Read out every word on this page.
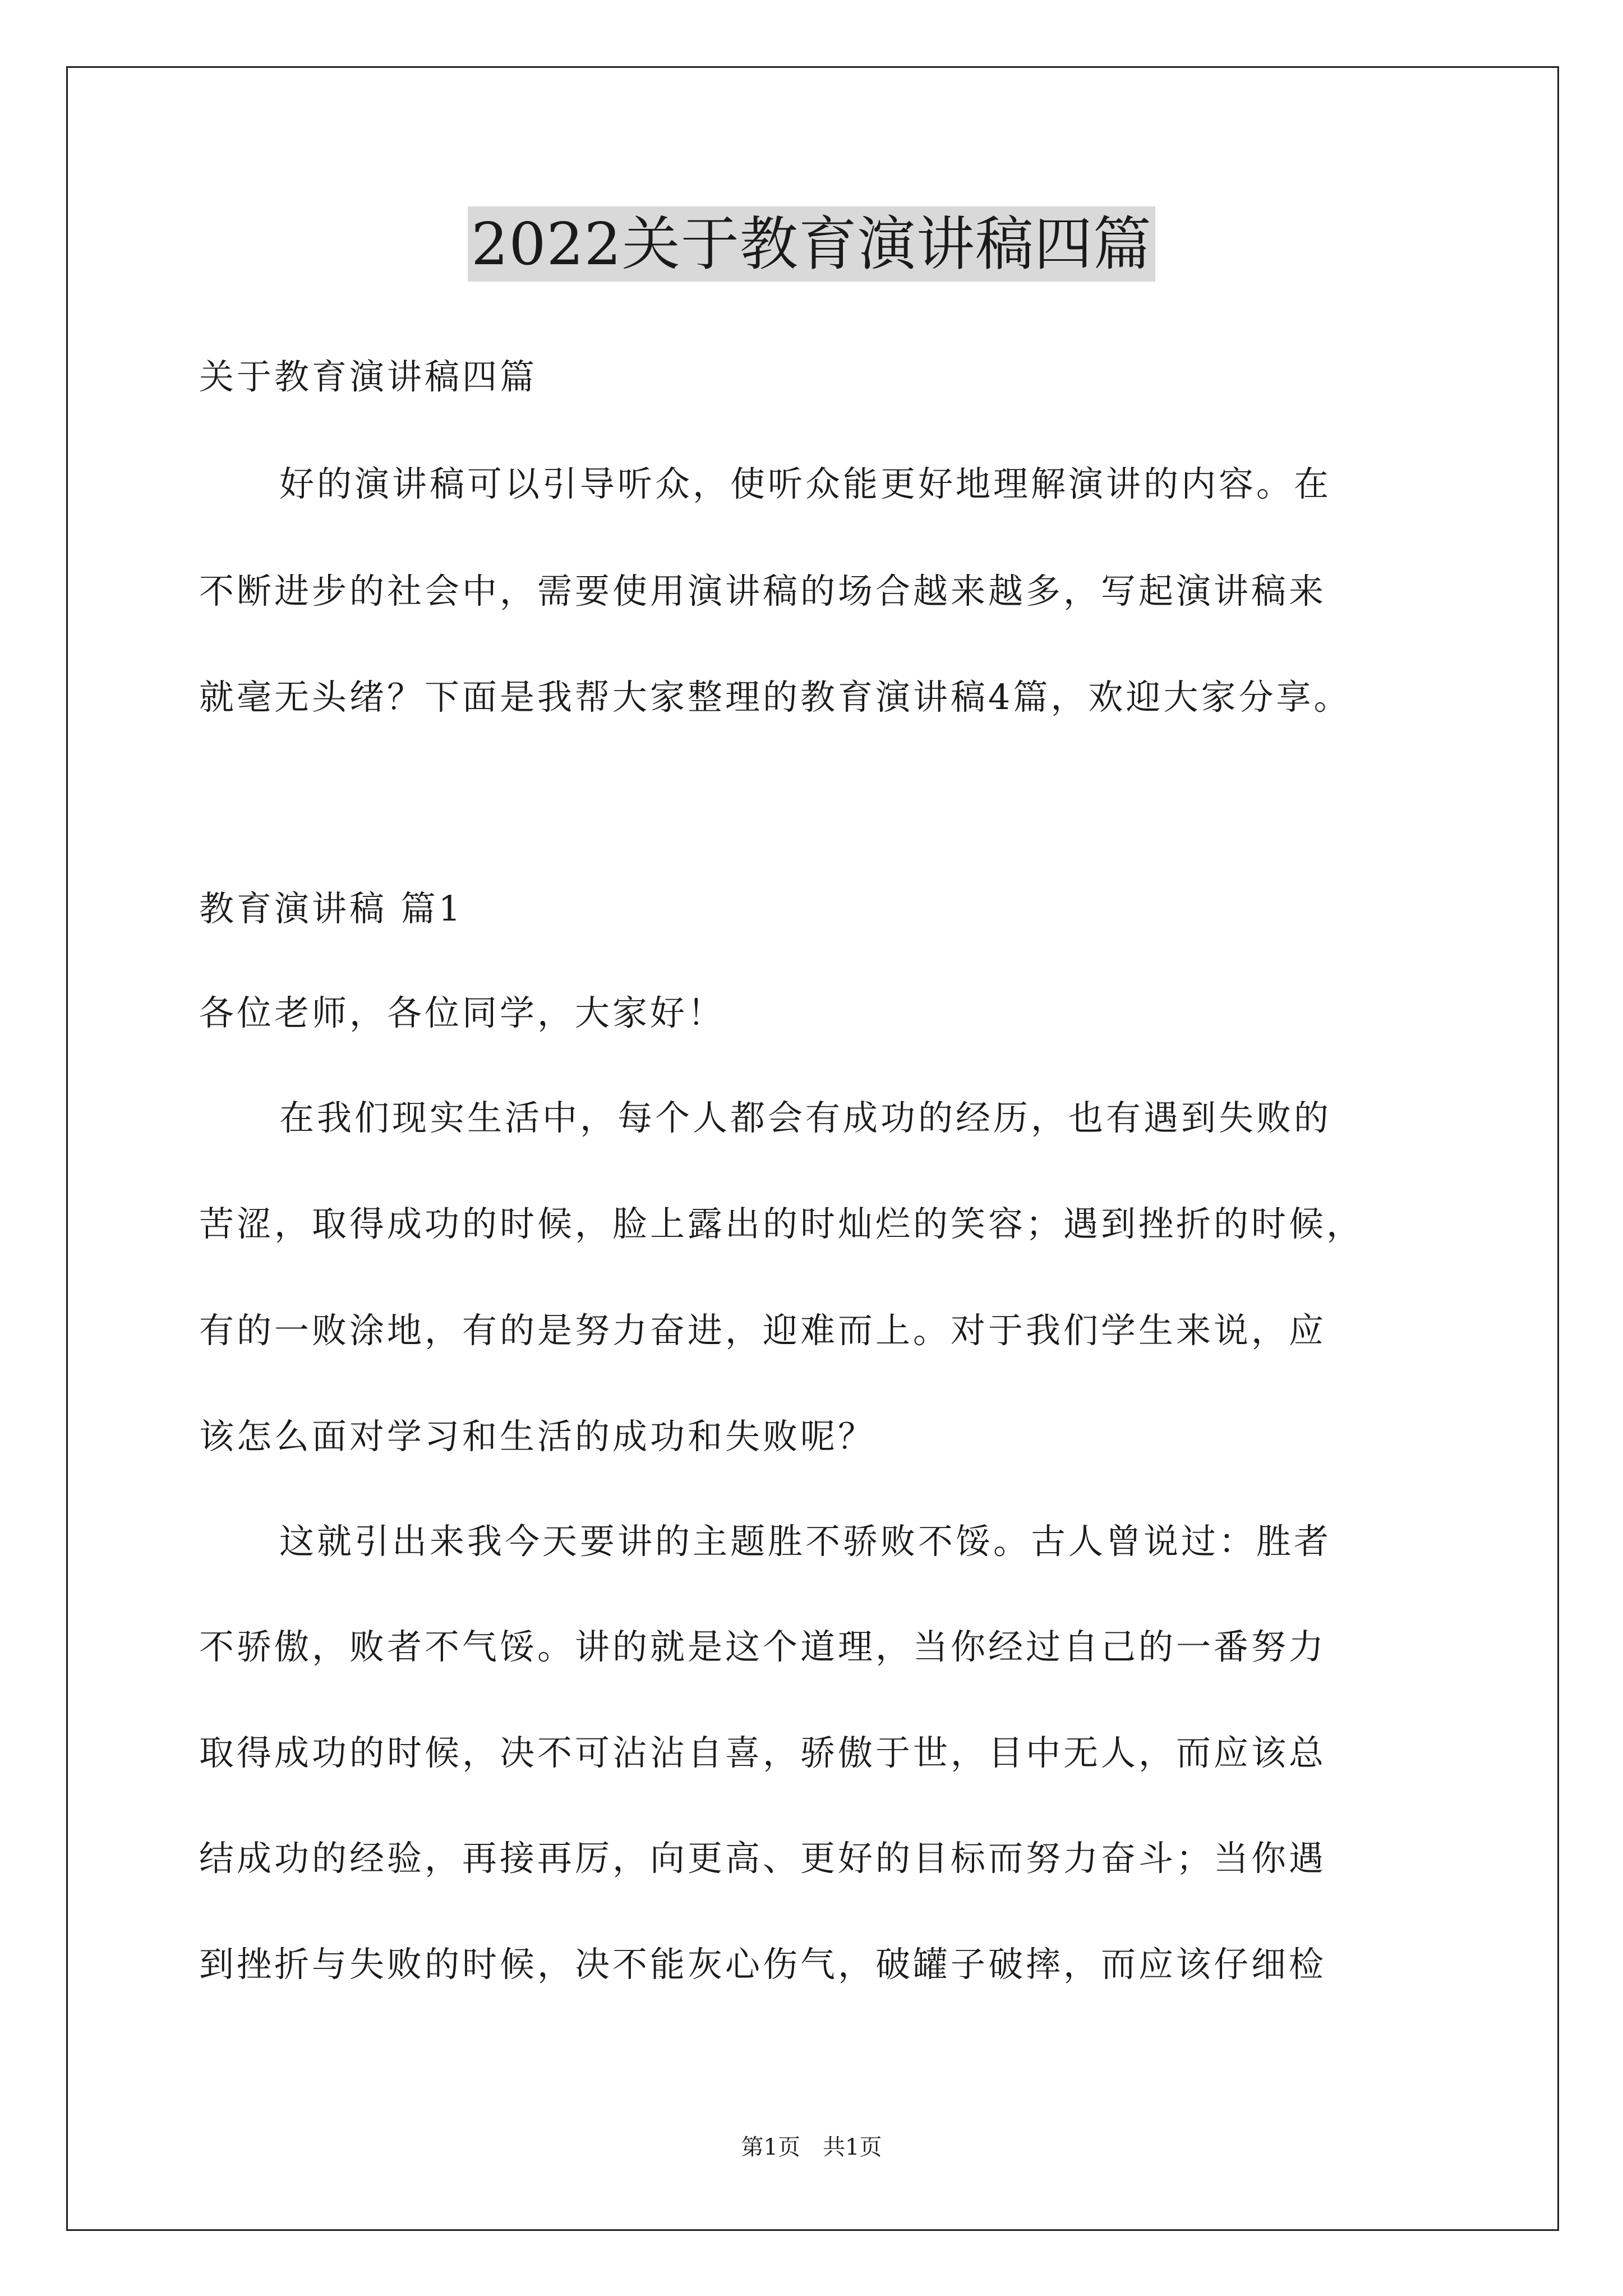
2022关于教育演讲稿四篇
关于教育演讲稿四篇
好的演讲稿可以引导听众，使听众能更好地理解演讲的内容。在
不断进步的社会中，需要使用演讲稿的场合越来越多，写起演讲稿来
就毫无头绪？下面是我帮大家整理的教育演讲稿4篇，欢迎大家分享。
教育演讲稿 篇1
各位老师，各位同学，大家好！
在我们现实生活中，每个人都会有成功的经历，也有遇到失败的
苦涩，取得成功的时候，脸上露出的时灿烂的笑容；遇到挫折的时候，
有的一败涂地，有的是努力奋进，迎难而上。对于我们学生来说，应
该怎么面对学习和生活的成功和失败呢？
这就引出来我今天要讲的主题胜不骄败不馁。古人曾说过：胜者
不骄傲，败者不气馁。讲的就是这个道理，当你经过自己的一番努力
取得成功的时候，决不可沾沾自喜，骄傲于世，目中无人，而应该总
结成功的经验，再接再厉，向更高、更好的目标而努力奋斗；当你遇
到挫折与失败的时候，决不能灰心伤气，破罐子破摔，而应该仔细检
第1页　共1页
